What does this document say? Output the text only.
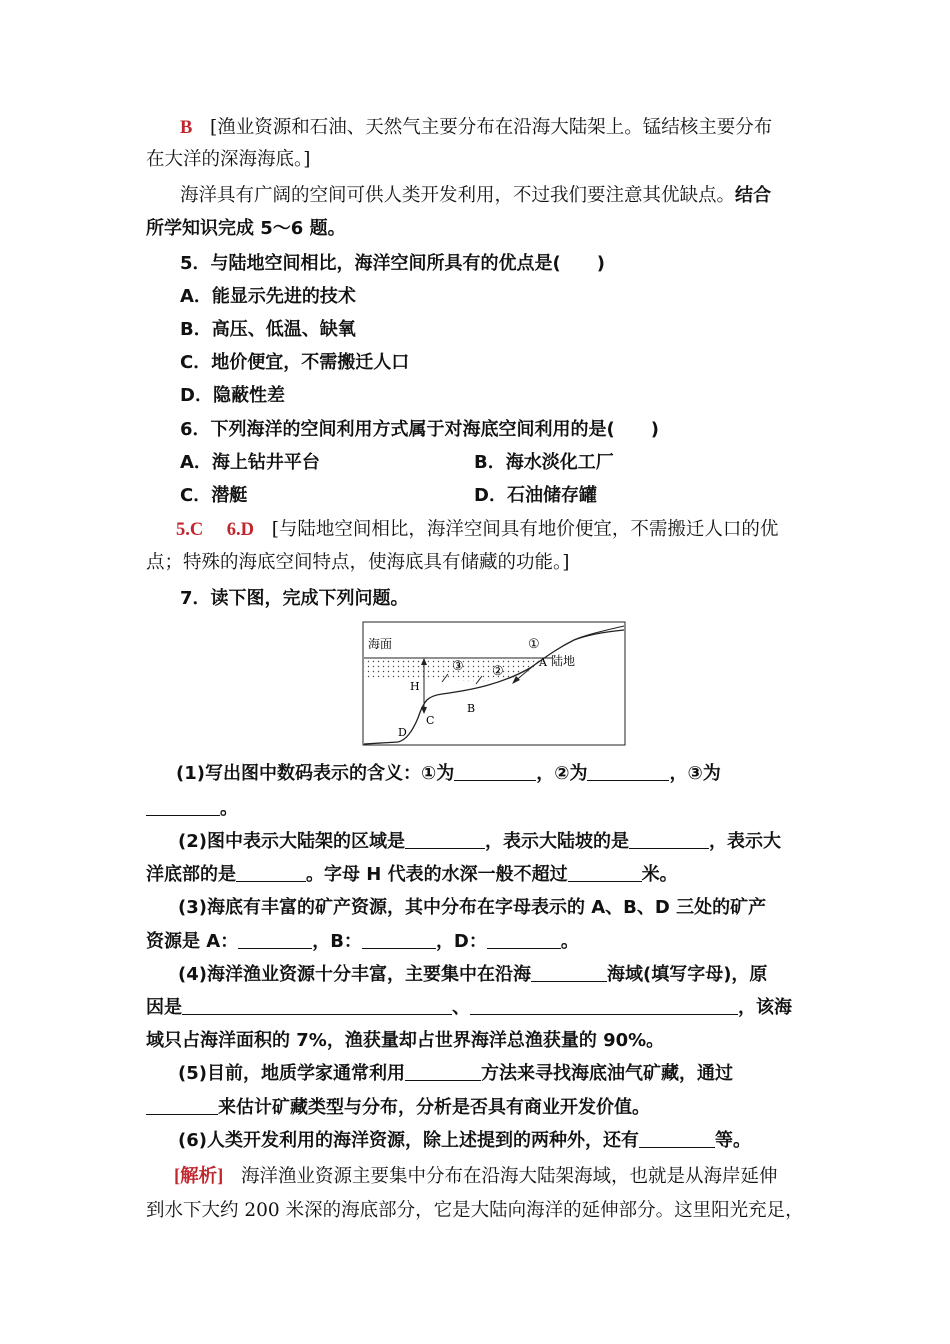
B [渔业资源和石油、天然气主要分布在沿海大陆架上。锰结核主要分布
在大洋的深海海底。]
海洋具有广阔的空间可供人类开发利用，不过我们要注意其优缺点。结合
所学知识完成 5～6 题。
5．与陆地空间相比，海洋空间所具有的优点是(　　)
A．能显示先进的技术
B．高压、低温、缺氧
C．地价便宜，不需搬迁人口
D．隐蔽性差
6．下列海洋的空间利用方式属于对海底空间利用的是(　　)
A．海上钻井平台	B．海水淡化工厂
C．潜艇	D．石油储存罐
5.C 6.D [与陆地空间相比，海洋空间具有地价便宜，不需搬迁人口的优
点；特殊的海底空间特点，使海底具有储藏的功能。]
7．读下图，完成下列问题。
海面
陆地
①
②
③	A
B
C
D
H
(1)写出图中数码表示的含义：①为	，②为	，③为
。
(2)图中表示大陆架的区域是	，表示大陆坡的是	，表示大
洋底部的是	。字母 H 代表的水深一般不超过	米。
(3)海底有丰富的矿产资源，其中分布在字母表示的 A、B、D 三处的矿产
资源是 A：	，B：	，D：	。
(4)海洋渔业资源十分丰富，主要集中在沿海	海域(填写字母)，原
因是	、	，该海
域只占海洋面积的 7%，渔获量却占世界海洋总渔获量的 90%。
(5)目前，地质学家通常利用	方法来寻找海底油气矿藏，通过
来估计矿藏类型与分布，分析是否具有商业开发价值。
(6)人类开发利用的海洋资源，除上述提到的两种外，还有	等。
[解析] 海洋渔业资源主要集中分布在沿海大陆架海域，也就是从海岸延伸
到水下大约 200 米深的海底部分，它是大陆向海洋的延伸部分。这里阳光充足，
